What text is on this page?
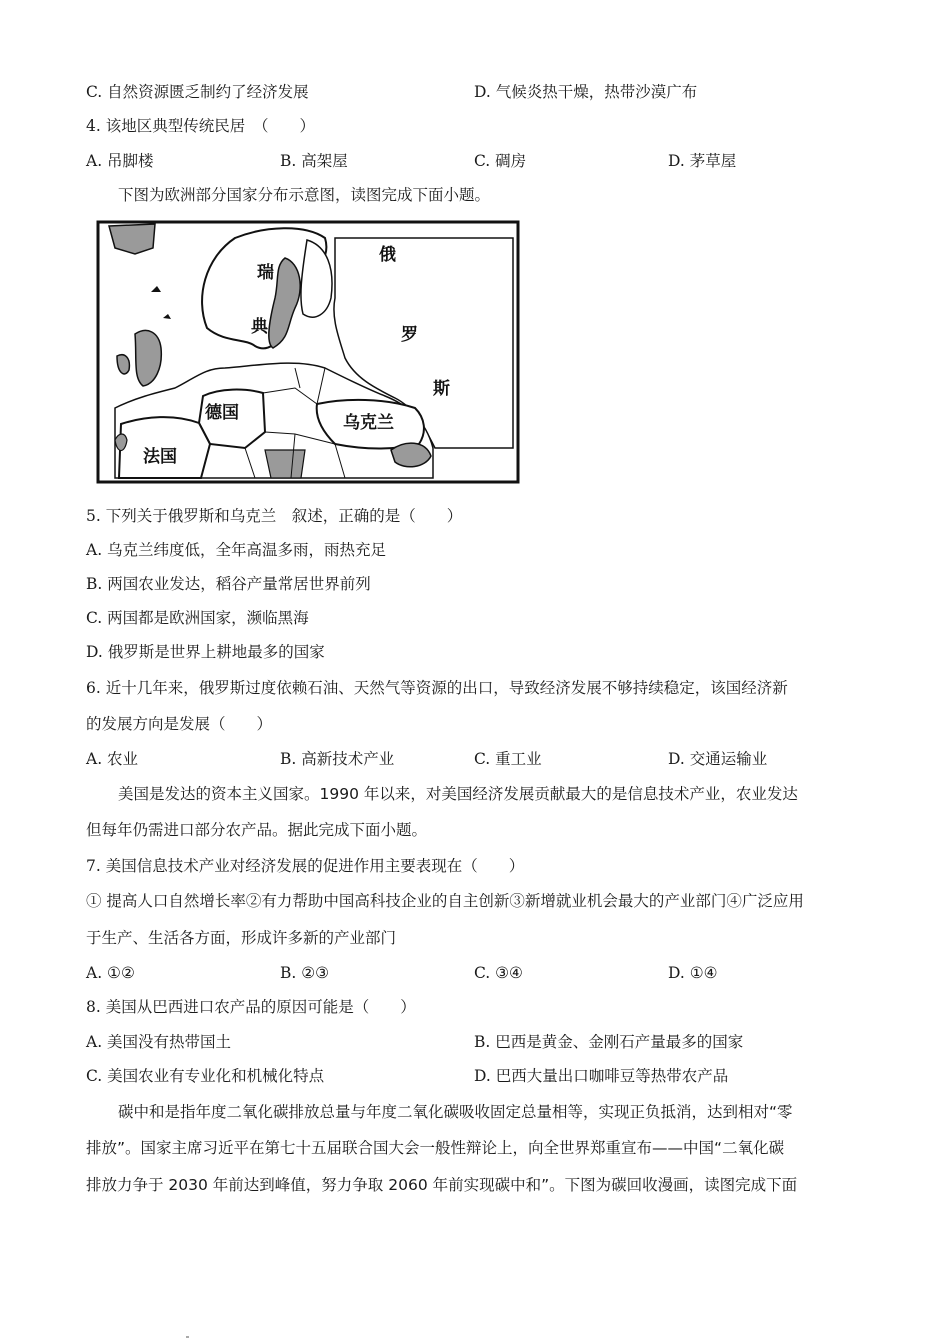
C. 自然资源匮乏制约了经济发展	D. 气候炎热干燥，热带沙漠广布
4. 该地区典型传统民居　（　　）
A. 吊脚楼	B. 高架屋	C. 碉房	D. 茅草屋
下图为欧洲部分国家分布示意图，读图完成下面小题。
瑞
典
俄
罗
斯
德国	乌克兰
法国
5. 下列关于俄罗斯和乌克兰　叙述，正确的是（　　）
A. 乌克兰纬度低，全年高温多雨，雨热充足
B. 两国农业发达，稻谷产量常居世界前列
C. 两国都是欧洲国家，濒临黑海
D. 俄罗斯是世界上耕地最多的国家
6. 近十几年来，俄罗斯过度依赖石油、天然气等资源的出口，导致经济发展不够持续稳定，该国经济新
的发展方向是发展（　　）
A. 农业	B. 高新技术产业	C. 重工业	D. 交通运输业
美国是发达的资本主义国家。1990 年以来，对美国经济发展贡献最大的是信息技术产业，农业发达
但每年仍需进口部分农产品。据此完成下面小题。
7. 美国信息技术产业对经济发展的促进作用主要表现在（　　）
① 提高人口自然增长率②有力帮助中国高科技企业的自主创新③新增就业机会最大的产业部门④广泛应用
于生产、生活各方面，形成许多新的产业部门
A. ①②	B. ②③	C. ③④	D. ①④
8. 美国从巴西进口农产品的原因可能是（　　）
A. 美国没有热带国土	B. 巴西是黄金、金刚石产量最多的国家
C. 美国农业有专业化和机械化特点	D. 巴西大量出口咖啡豆等热带农产品
碳中和是指年度二氧化碳排放总量与年度二氧化碳吸收固定总量相等，实现正负抵消，达到相对“零
排放”。国家主席习近平在第七十五届联合国大会一般性辩论上，向全世界郑重宣布——中国“二氧化碳
排放力争于 2030 年前达到峰值，努力争取 2060 年前实现碳中和”。下图为碳回收漫画，读图完成下面
